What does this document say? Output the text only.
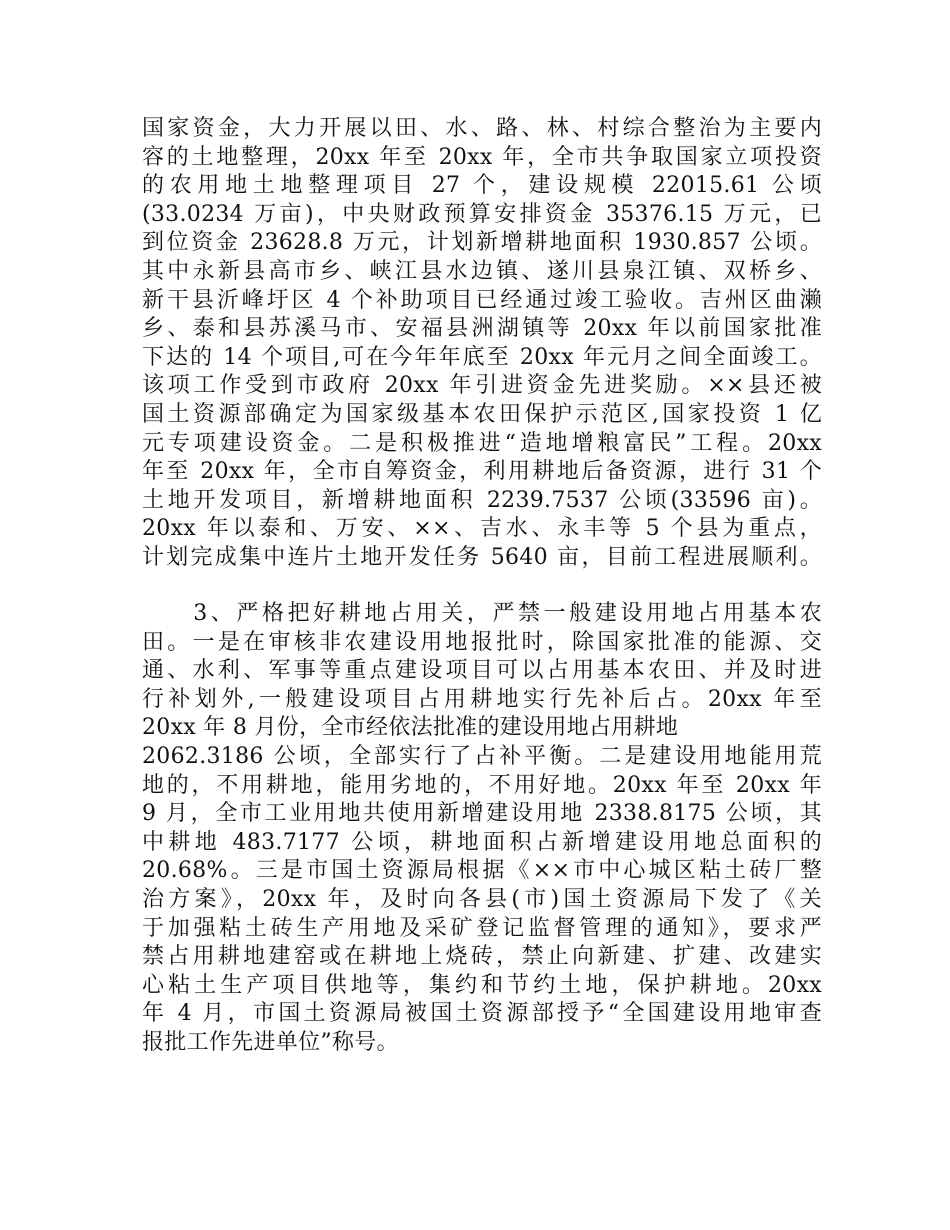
国家资金，大力开展以田、水、路、林、村综合整治为主要内
容的土地整理，20xx 年至 20xx 年，全市共争取国家立项投资
的农用地土地整理项目 27 个，建设规模 22015.61 公顷
(33.0234 万亩)，中央财政预算安排资金 35376.15 万元，已
到位资金 23628.8 万元，计划新增耕地面积 1930.857 公顷。
其中永新县高市乡、峡江县水边镇、遂川县泉江镇、双桥乡、
新干县沂峰圩区 4 个补助项目已经通过竣工验收。吉州区曲濑
乡、泰和县苏溪马市、安福县洲湖镇等 20xx 年以前国家批准
下达的 14 个项目,可在今年年底至 20xx 年元月之间全面竣工。
该项工作受到市政府 20xx 年引进资金先进奖励。××县还被
国土资源部确定为国家级基本农田保护示范区,国家投资 1 亿
元专项建设资金。二是积极推进“造地增粮富民”工程。20xx
年至 20xx 年，全市自筹资金，利用耕地后备资源，进行 31 个
土地开发项目，新增耕地面积 2239.7537 公顷(33596 亩)。
20xx 年以泰和、万安、××、吉水、永丰等 5 个县为重点，
计划完成集中连片土地开发任务 5640 亩，目前工程进展顺利。
　　3、严格把好耕地占用关，严禁一般建设用地占用基本农
田。一是在审核非农建设用地报批时，除国家批准的能源、交
通、水利、军事等重点建设项目可以占用基本农田、并及时进
行补划外,一般建设项目占用耕地实行先补后占。20xx 年至
20xx 年 8 月份，全市经依法批准的建设用地占用耕地
2062.3186 公顷，全部实行了占补平衡。二是建设用地能用荒
地的，不用耕地，能用劣地的，不用好地。20xx 年至 20xx 年
9 月，全市工业用地共使用新增建设用地 2338.8175 公顷，其
中耕地 483.7177 公顷，耕地面积占新增建设用地总面积的
20.68%。三是市国土资源局根据《××市中心城区粘土砖厂整
治方案》，20xx 年，及时向各县(市)国土资源局下发了《关
于加强粘土砖生产用地及采矿登记监督管理的通知》，要求严
禁占用耕地建窑或在耕地上烧砖，禁止向新建、扩建、改建实
心粘土生产项目供地等，集约和节约土地，保护耕地。20xx
年 4 月，市国土资源局被国土资源部授予“全国建设用地审查
报批工作先进单位”称号。
